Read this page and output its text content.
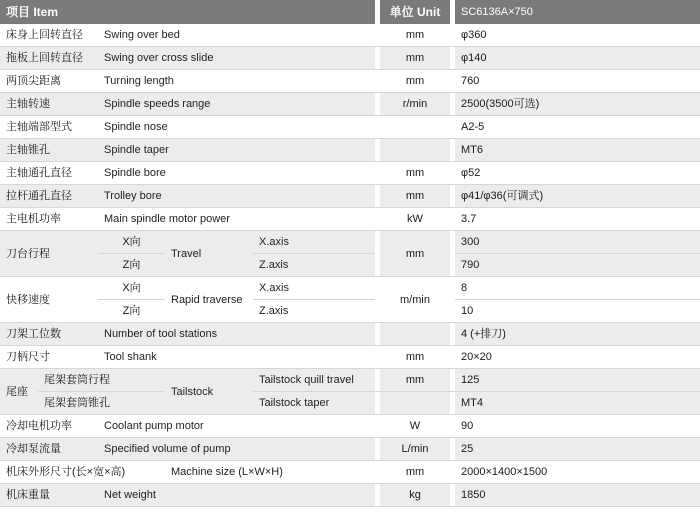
项目 Item						单位 Unit		SC6136A×750
床身上回转直径		Swing over bed				mm		φ360
拖板上回转直径		Swing over cross slide				mm		φ140
两顶尖距离		Turning length				mm		760
主轴转速		Spindle speeds range				r/min		2500(3500可选)
主轴端部型式		Spindle nose						A2-5
主轴锥孔		Spindle taper						MT6
主轴通孔直径		Spindle bore				mm		φ52
拉杆通孔直径		Trolley bore				mm		φ41/φ36(可调式)
主电机功率		Main spindle motor power				kW		3.7
刀台行程		X向	Travel	X.axis		mm		300
		Z向		Z.axis				790
快移速度		X向	Rapid traverse	X.axis		m/min		8
		Z向		Z.axis				10
刀架工位数		Number of tool stations						4 (+排刀)
刀柄尺寸		Tool shank				mm		20×20
尾座	尾架套筒行程		Tailstock	Tailstock quill travel		mm		125
	尾架套筒锥孔			Tailstock taper				MT4
冷却电机功率		Coolant pump motor				W		90
冷却泵流量		Specified volume of pump				L/min		25
机床外形尺寸(长×宽×高)			Machine size (L×W×H)			mm		2000×1400×1500
机床重量		Net weight				kg		1850
